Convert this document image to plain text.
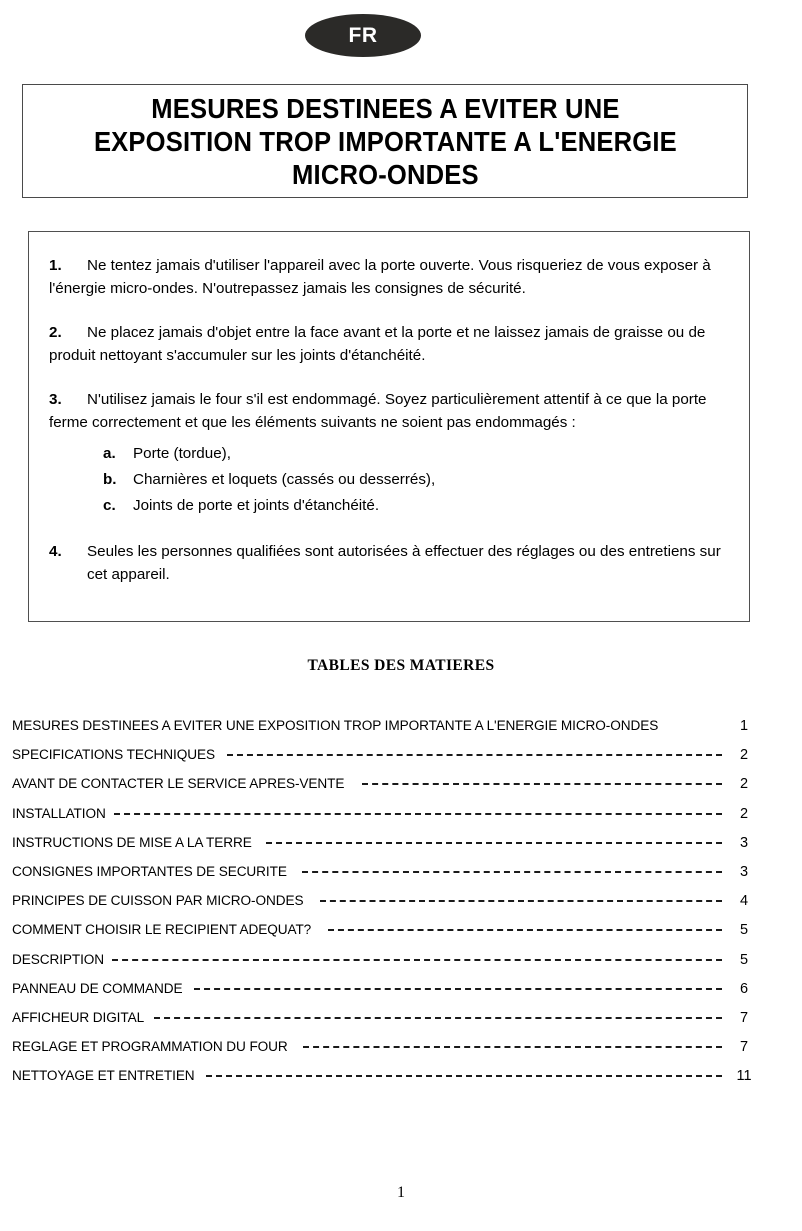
FR
MESURES DESTINEES A EVITER UNE
EXPOSITION TROP IMPORTANTE A L'ENERGIE
MICRO-ONDES
1.	Ne tentez jamais d'utiliser l'appareil avec la porte ouverte. Vous risqueriez de vous exposer à l'énergie micro-ondes. N'outrepassez jamais les consignes de sécurité.
2.	Ne placez jamais d'objet entre la face avant et la porte et ne laissez jamais de graisse ou de produit nettoyant s'accumuler sur les joints d'étanchéité.
3.	N'utilisez jamais le four s'il est endommagé. Soyez particulièrement attentif à ce que la porte ferme correctement et que les éléments suivants ne soient pas endommagés :
a. Porte (tordue),
b. Charnières et loquets (cassés ou desserrés),
c. Joints de porte et joints d'étanchéité.
4. Seules les personnes qualifiées sont autorisées à effectuer des réglages ou des entretiens sur cet appareil.
TABLES DES MATIERES
MESURES DESTINEES A EVITER UNE EXPOSITION TROP IMPORTANTE A L'ENERGIE MICRO-ONDES	1
SPECIFICATIONS TECHNIQUES	2
AVANT DE CONTACTER LE SERVICE APRES-VENTE	2
INSTALLATION	2
INSTRUCTIONS DE MISE A LA TERRE	3
CONSIGNES IMPORTANTES DE SECURITE	3
PRINCIPES DE CUISSON PAR MICRO-ONDES	4
COMMENT CHOISIR LE RECIPIENT ADEQUAT?	5
DESCRIPTION	5
PANNEAU DE COMMANDE	6
AFFICHEUR DIGITAL	7
REGLAGE ET PROGRAMMATION DU FOUR	7
NETTOYAGE ET ENTRETIEN	11
1
